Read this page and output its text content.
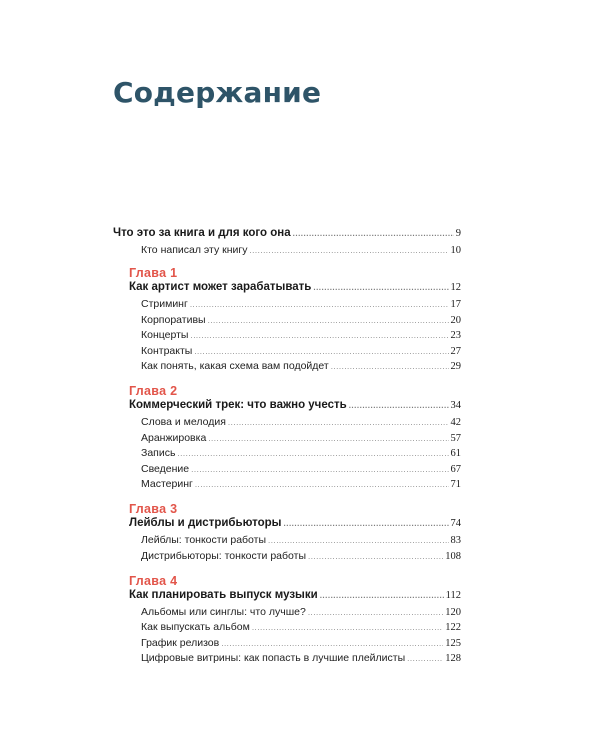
Содержание
Что это за книга и для кого она .....	9
Кто написал эту книгу .....	10
Глава 1
Как артист может зарабатывать .....	12
Стриминг .....	17
Корпоративы .....	20
Концерты .....	23
Контракты .....	27
Как понять, какая схема вам подойдет .....	29
Глава 2
Коммерческий трек: что важно учесть .....	34
Слова и мелодия .....	42
Аранжировка .....	57
Запись .....	61
Сведение .....	67
Мастеринг .....	71
Глава 3
Лейблы и дистрибьюторы .....	74
Лейблы: тонкости работы .....	83
Дистрибьюторы: тонкости работы .....	108
Глава 4
Как планировать выпуск музыки .....	112
Альбомы или синглы: что лучше? .....	120
Как выпускать альбом .....	122
График релизов .....	125
Цифровые витрины: как попасть в лучшие плейлисты .....	128
